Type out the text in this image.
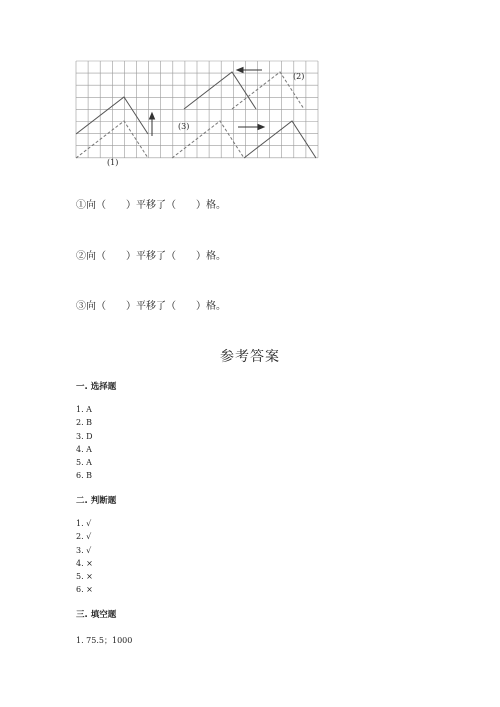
(1)
(2)
(3)
①向（　　）平移了（　　）格。
②向（　　）平移了（　　）格。
③向（　　）平移了（　　）格。
参考答案
一. 选择题
1. A
2. B
3. D
4. A
5. A
6. B
二. 判断题
1. √
2. √
3. √
4. ×
5. ×
6. ×
三. 填空题
1. 75.5；1000
